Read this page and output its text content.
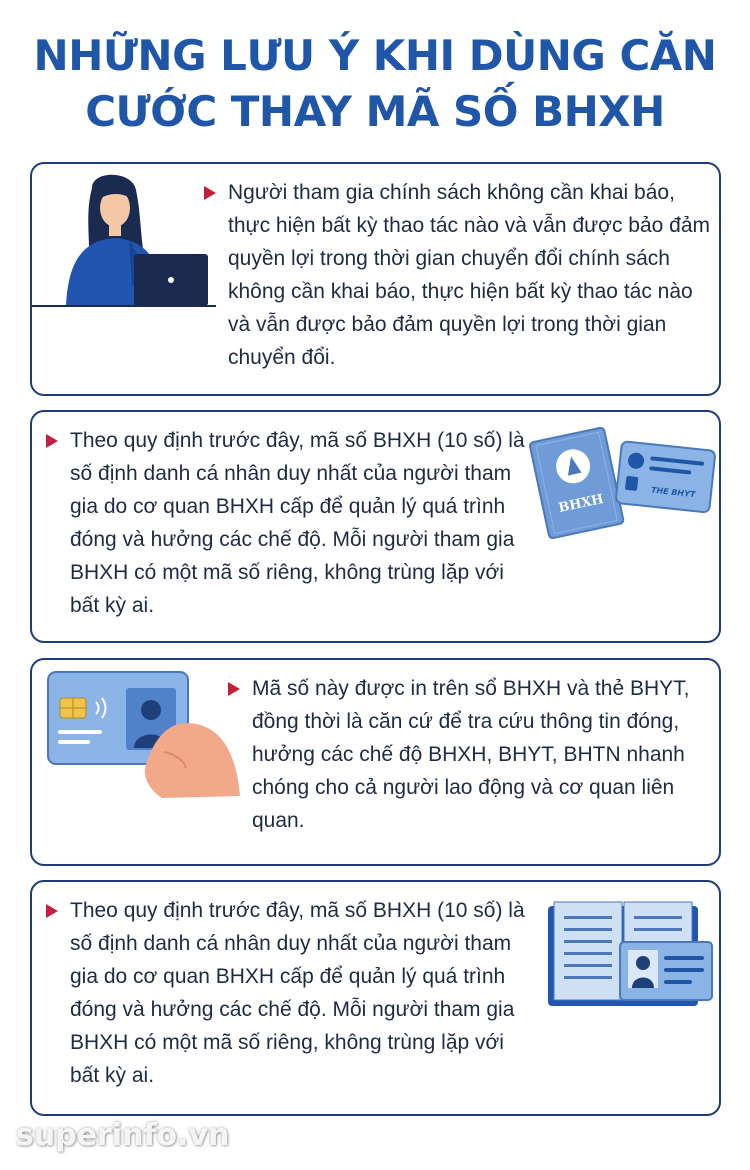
NHỮNG LƯU Ý KHI DÙNG CĂN
CƯỚC THAY MÃ SỐ BHXH
Người tham gia chính sách không cần khai báo, thực hiện bất kỳ thao tác nào và vẫn được bảo đảm quyền lợi trong thời gian chuyển đổi chính sách không cần khai báo, thực hiện bất kỳ thao tác nào và vẫn được bảo đảm quyền lợi trong thời gian chuyển đổi.
BHXH	THE BHYT
Theo quy định trước đây, mã số BHXH (10 số) là số định danh cá nhân duy nhất của người tham gia do cơ quan BHXH cấp để quản lý quá trình đóng và hưởng các chế độ. Mỗi người tham gia BHXH có một mã số riêng, không trùng lặp với bất kỳ ai.
Mã số này được in trên sổ BHXH và thẻ BHYT, đồng thời là căn cứ để tra cứu thông tin đóng, hưởng các chế độ BHXH, BHYT, BHTN nhanh chóng cho cả người lao động và cơ quan liên quan.
Theo quy định trước đây, mã số BHXH (10 số) là số định danh cá nhân duy nhất của người tham gia do cơ quan BHXH cấp để quản lý quá trình đóng và hưởng các chế độ. Mỗi người tham gia BHXH có một mã số riêng, không trùng lặp với bất kỳ ai.
superinfo.vn
